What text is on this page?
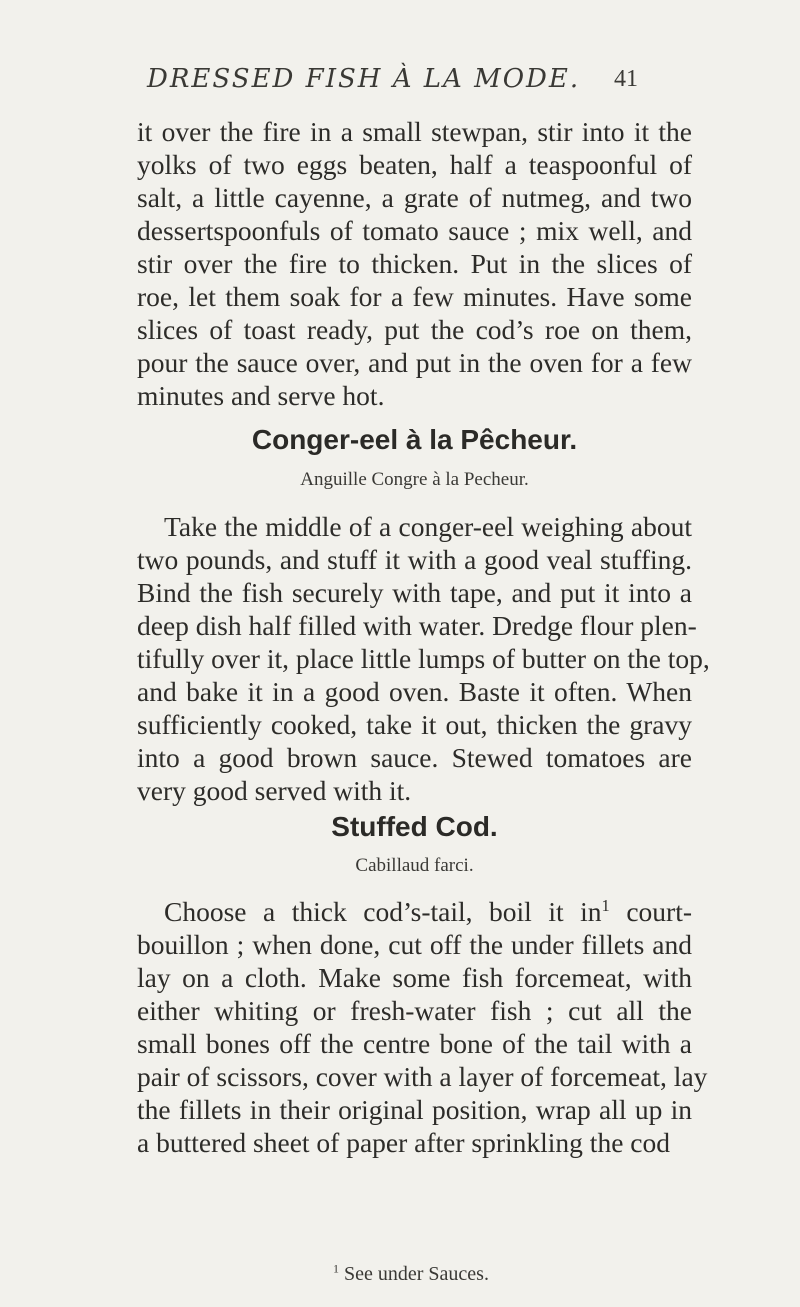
DRESSED FISH À LA MODE.	41
it over the fire in a small stewpan, stir into it the
yolks of two eggs beaten, half a teaspoonful of
salt, a little cayenne, a grate of nutmeg, and two
dessertspoonfuls of tomato sauce ; mix well, and
stir over the fire to thicken. Put in the slices of
roe, let them soak for a few minutes. Have some
slices of toast ready, put the cod’s roe on them,
pour the sauce over, and put in the oven for a few
minutes and serve hot.
Conger-eel à la Pêcheur.
Anguille Congre à la Pecheur.
Take the middle of a conger-eel weighing about
two pounds, and stuff it with a good veal stuffing.
Bind the fish securely with tape, and put it into a
deep dish half filled with water. Dredge flour plen-
tifully over it, place little lumps of butter on the top,
and bake it in a good oven. Baste it often. When
sufficiently cooked, take it out, thicken the gravy
into a good brown sauce. Stewed tomatoes are
very good served with it.
Stuffed Cod.
Cabillaud farci.
Choose a thick cod’s-tail, boil it $in^1$ court-
bouillon ; when done, cut off the under fillets and
lay on a cloth. Make some fish forcemeat, with
either whiting or fresh-water fish ; cut all the
small bones off the centre bone of the tail with a
pair of scissors, cover with a layer of forcemeat, lay
the fillets in their original position, wrap all up in
a buttered sheet of paper after sprinkling the cod
$^1$ See under Sauces.
